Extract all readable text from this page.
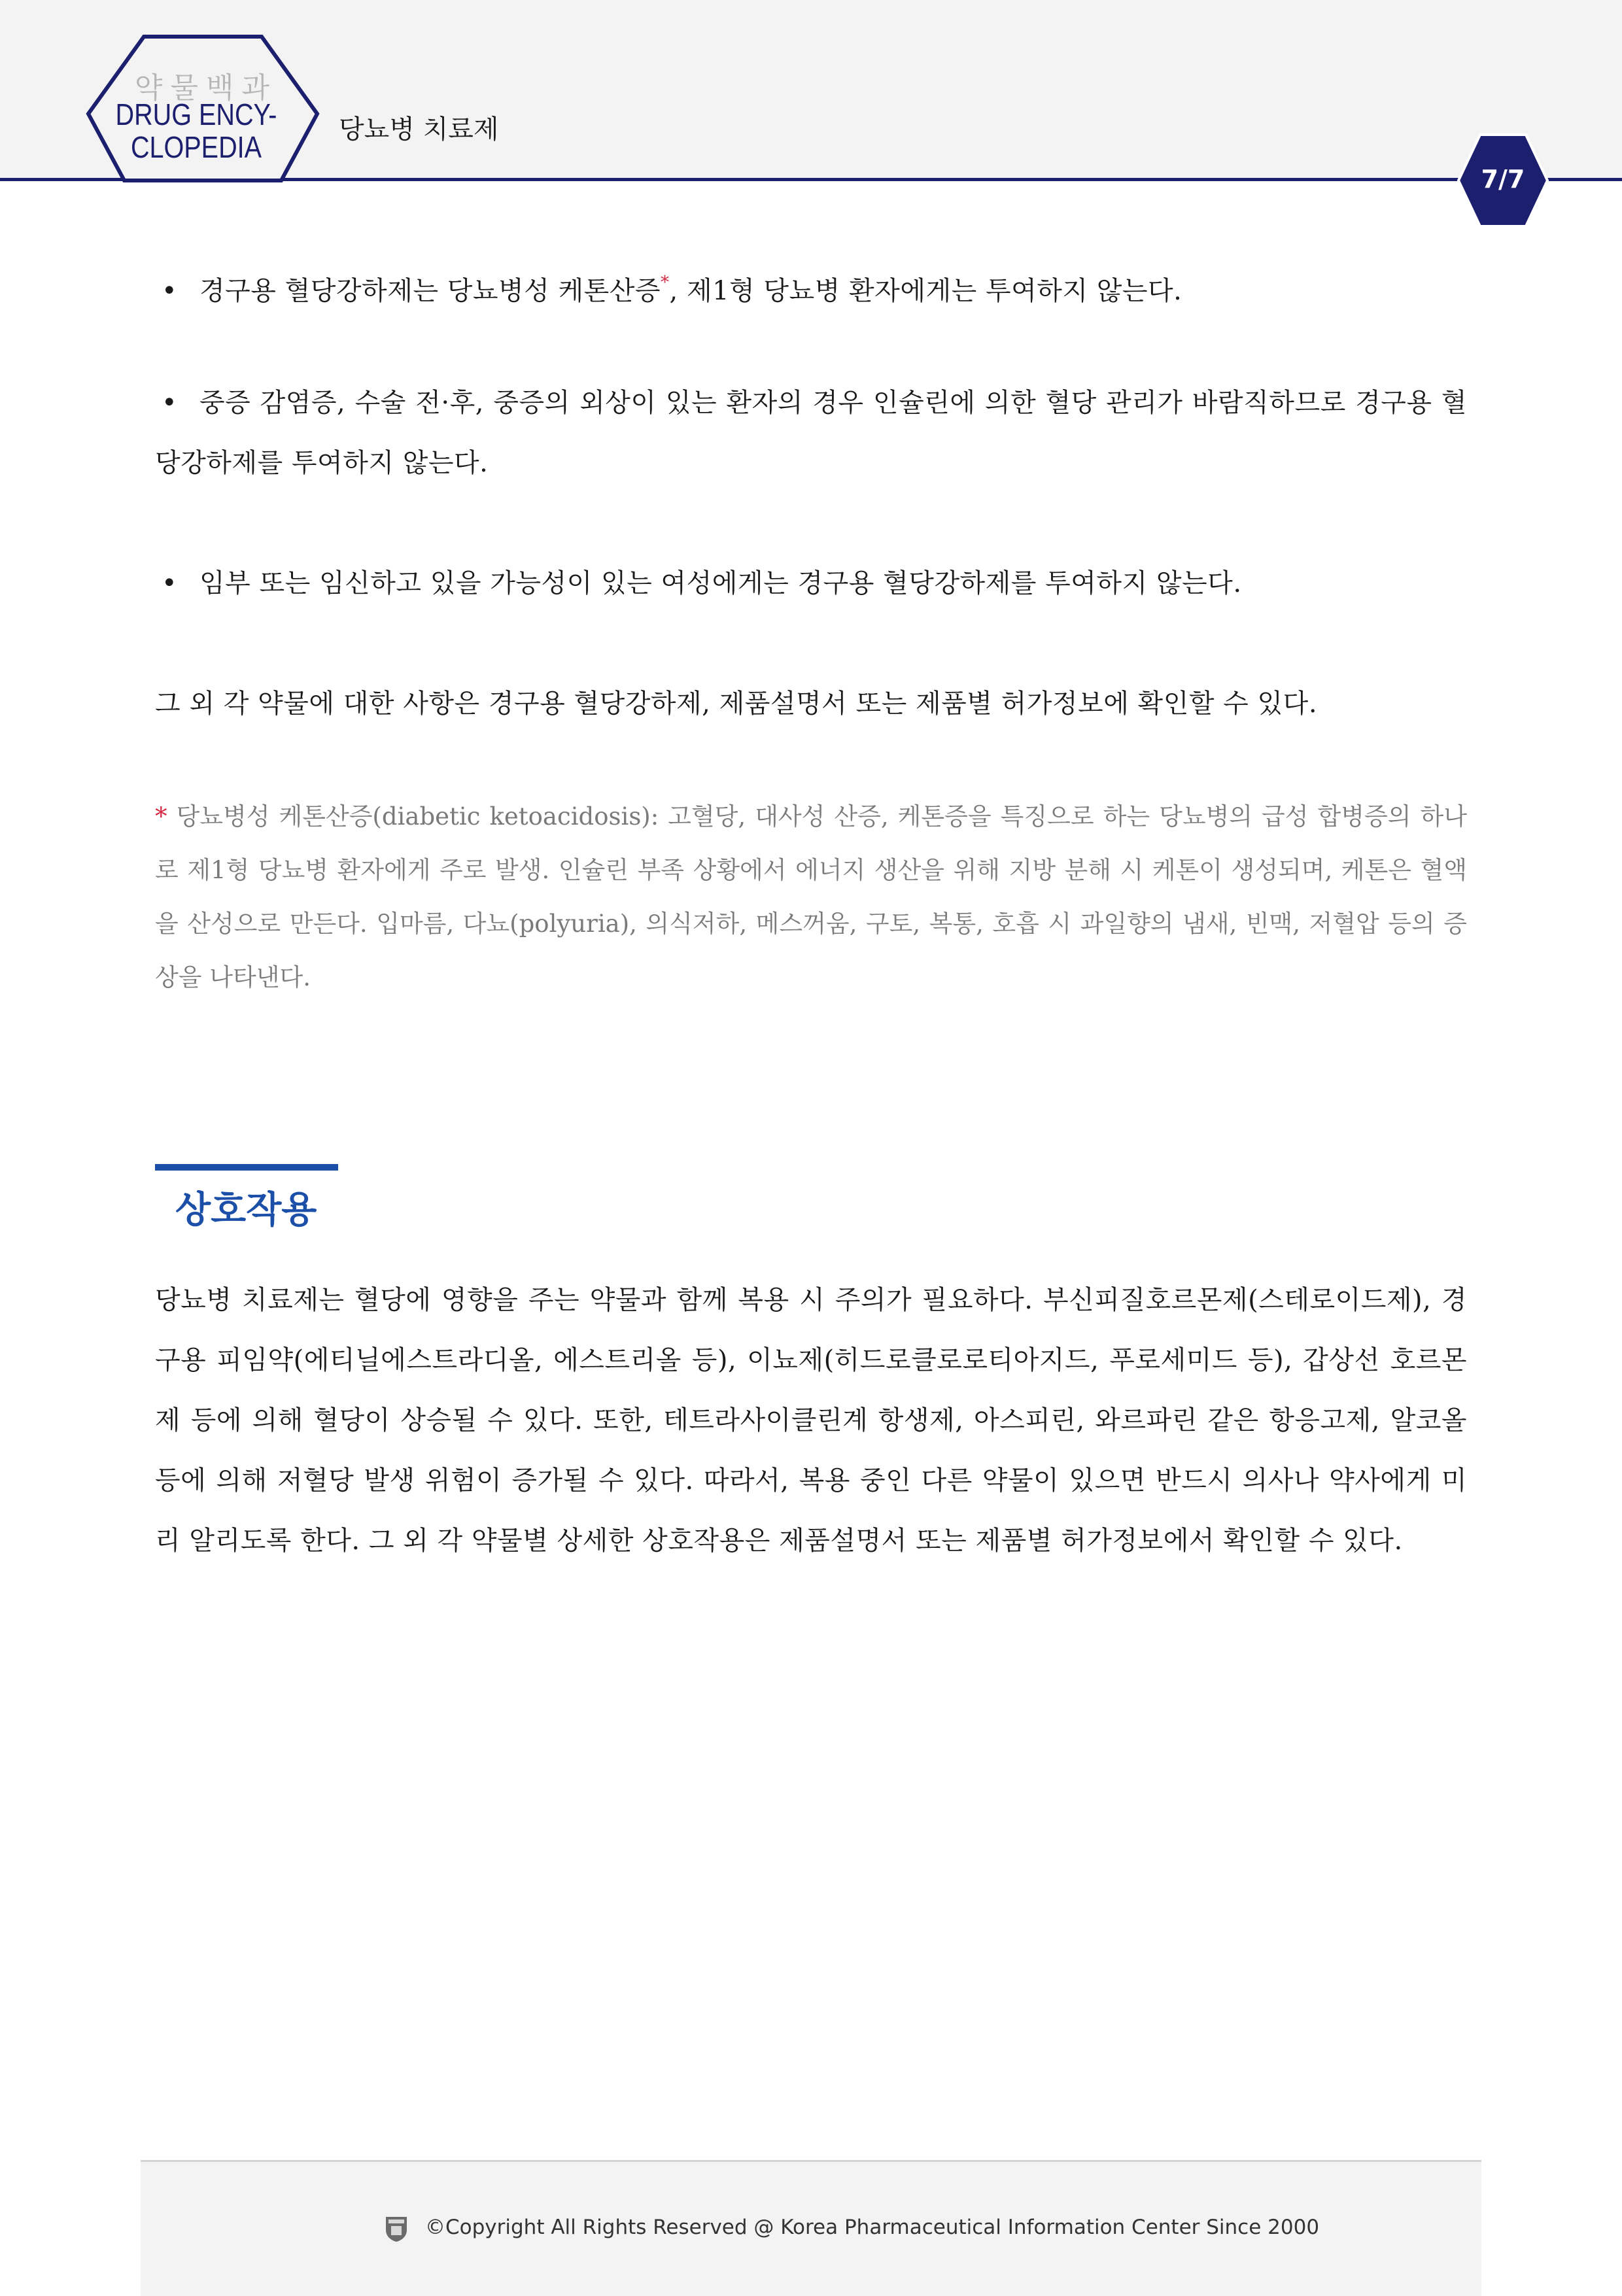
약물백과
DRUG ENCY-
CLOPEDIA
당뇨병 치료제
7/7
• 경구용 혈당강하제는 당뇨병성 케톤산증*, 제1형 당뇨병 환자에게는 투여하지 않는다.
• 중증 감염증, 수술 전·후, 중증의 외상이 있는 환자의 경우 인슐린에 의한 혈당 관리가 바람직하므로 경구용 혈당강하제를 투여하지 않는다.
• 임부 또는 임신하고 있을 가능성이 있는 여성에게는 경구용 혈당강하제를 투여하지 않는다.
그 외 각 약물에 대한 사항은 경구용 혈당강하제, 제품설명서 또는 제품별 허가정보에 확인할 수 있다.
* 당뇨병성 케톤산증(diabetic ketoacidosis): 고혈당, 대사성 산증, 케톤증을 특징으로 하는 당뇨병의 급성 합병증의 하나로 제1형 당뇨병 환자에게 주로 발생. 인슐린 부족 상황에서 에너지 생산을 위해 지방 분해 시 케톤이 생성되며, 케톤은 혈액을 산성으로 만든다. 입마름, 다뇨(polyuria), 의식저하, 메스꺼움, 구토, 복통, 호흡 시 과일향의 냄새, 빈맥, 저혈압 등의 증상을 나타낸다.
상호작용
당뇨병 치료제는 혈당에 영향을 주는 약물과 함께 복용 시 주의가 필요하다. 부신피질호르몬제(스테로이드제), 경구용 피임약(에티닐에스트라디올, 에스트리올 등), 이뇨제(히드로클로로티아지드, 푸로세미드 등), 갑상선 호르몬제 등에 의해 혈당이 상승될 수 있다. 또한, 테트라사이클린계 항생제, 아스피린, 와르파린 같은 항응고제, 알코올 등에 의해 저혈당 발생 위험이 증가될 수 있다. 따라서, 복용 중인 다른 약물이 있으면 반드시 의사나 약사에게 미리 알리도록 한다. 그 외 각 약물별 상세한 상호작용은 제품설명서 또는 제품별 허가정보에서 확인할 수 있다.
©Copyright All Rights Reserved @ Korea Pharmaceutical Information Center Since 2000
